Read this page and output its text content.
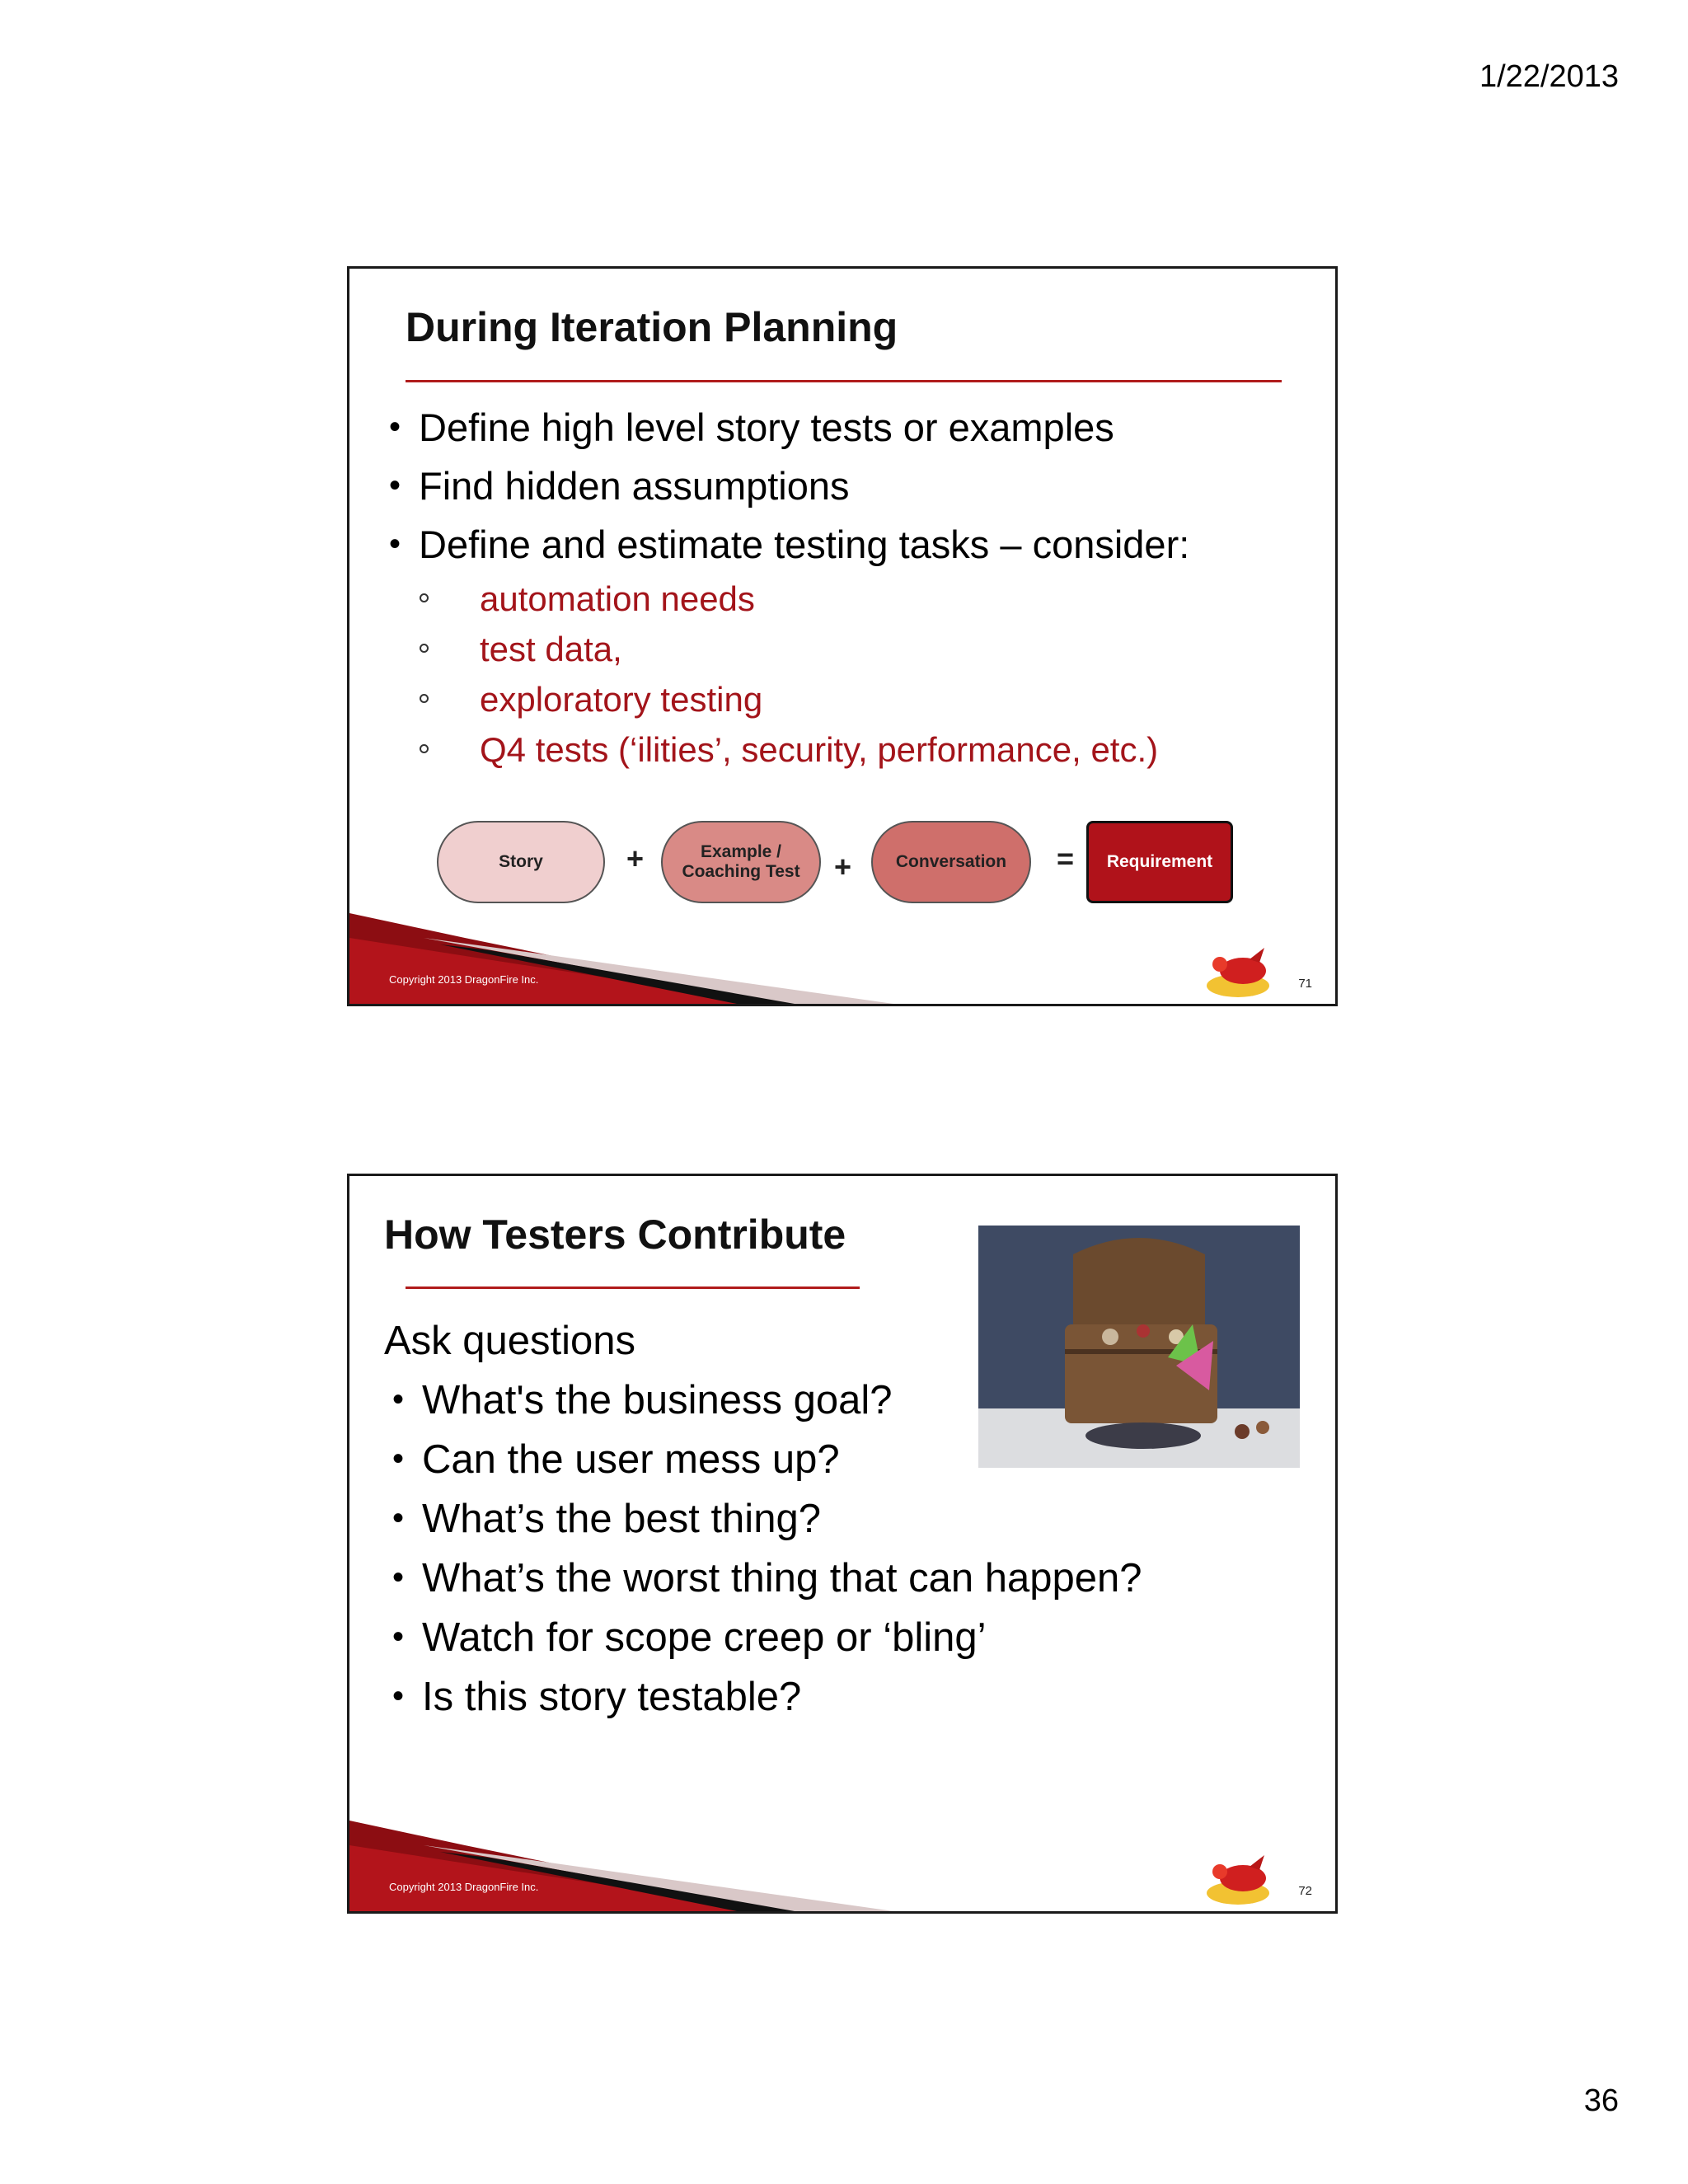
1/22/2013
During Iteration Planning
• Define high level story tests or examples
• Find hidden assumptions
• Define and estimate testing tasks – consider:
automation needs
test data,
exploratory testing
Q4 tests (‘ilities’, security, performance, etc.)
Story	+	Example /
Coaching Test +	Conversation = Requirement
Copyright 2013 DragonFire Inc.	71
How Testers Contribute
Ask questions
• What's the business goal?
• Can the user mess up?
• What’s the best thing?
• What’s the worst thing that can happen?
• Watch for scope creep or ‘bling’
• Is this story testable?
Copyright 2013 DragonFire Inc.	72
36
